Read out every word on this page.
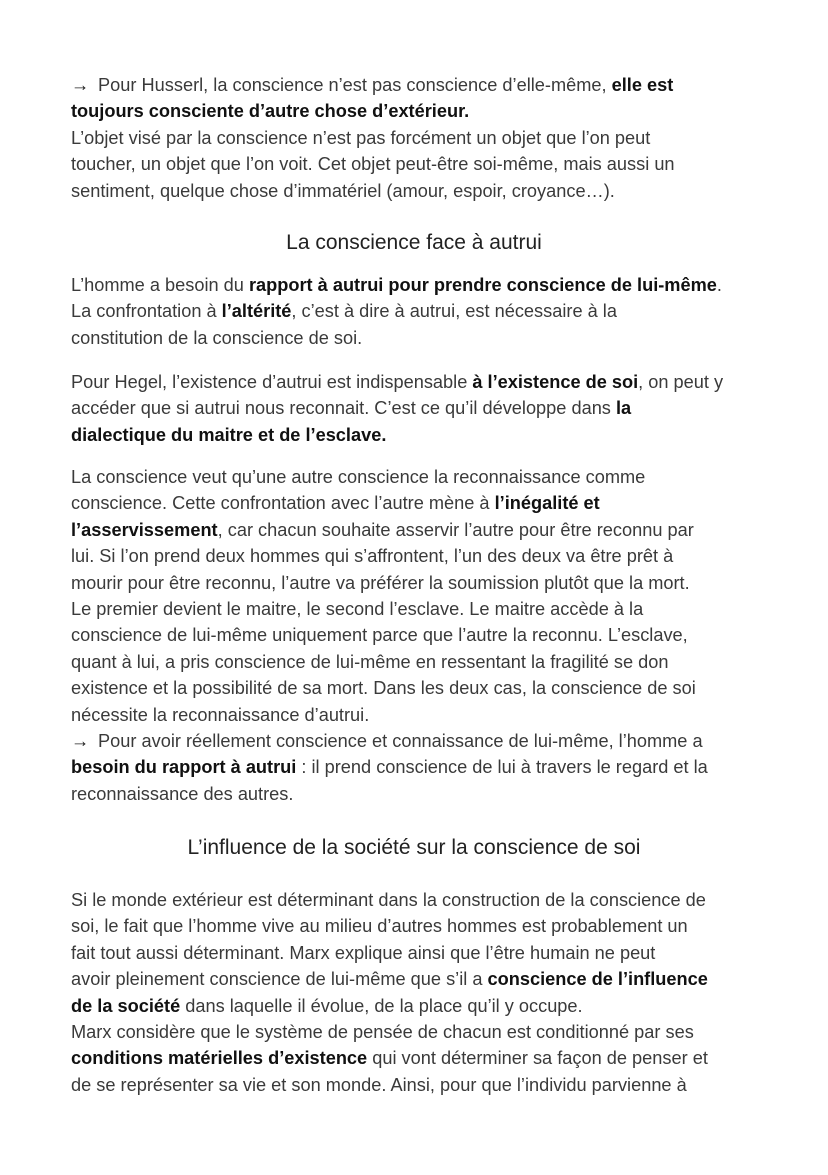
→ Pour Husserl, la conscience n’est pas conscience d’elle-même, elle est
toujours consciente d’autre chose d’extérieur.
L’objet visé par la conscience n’est pas forcément un objet que l’on peut
toucher, un objet que l’on voit. Cet objet peut-être soi-même, mais aussi un
sentiment, quelque chose d’immatériel (amour, espoir, croyance…).
La conscience face à autrui
L’homme a besoin du rapport à autrui pour prendre conscience de lui-même.
La confrontation à l’altérité, c’est à dire à autrui, est nécessaire à la
constitution de la conscience de soi.
Pour Hegel, l’existence d’autrui est indispensable à l’existence de soi, on peut y
accéder que si autrui nous reconnait. C’est ce qu’il développe dans la
dialectique du maitre et de l’esclave.
La conscience veut qu’une autre conscience la reconnaissance comme
conscience. Cette confrontation avec l’autre mène à l’inégalité et
l’asservissement, car chacun souhaite asservir l’autre pour être reconnu par
lui. Si l’on prend deux hommes qui s’affrontent, l’un des deux va être prêt à
mourir pour être reconnu, l’autre va préférer la soumission plutôt que la mort.
Le premier devient le maitre, le second l’esclave. Le maitre accède à la
conscience de lui-même uniquement parce que l’autre la reconnu. L’esclave,
quant à lui, a pris conscience de lui-même en ressentant la fragilité se don
existence et la possibilité de sa mort. Dans les deux cas, la conscience de soi
nécessite la reconnaissance d’autrui.
→ Pour avoir réellement conscience et connaissance de lui-même, l’homme a
besoin du rapport à autrui : il prend conscience de lui à travers le regard et la
reconnaissance des autres.
L’influence de la société sur la conscience de soi
Si le monde extérieur est déterminant dans la construction de la conscience de
soi, le fait que l’homme vive au milieu d’autres hommes est probablement un
fait tout aussi déterminant. Marx explique ainsi que l’être humain ne peut
avoir pleinement conscience de lui-même que s’il a conscience de l’influence
de la société dans laquelle il évolue, de la place qu’il y occupe.
Marx considère que le système de pensée de chacun est conditionné par ses
conditions matérielles d’existence qui vont déterminer sa façon de penser et
de se représenter sa vie et son monde. Ainsi, pour que l’individu parvienne à
